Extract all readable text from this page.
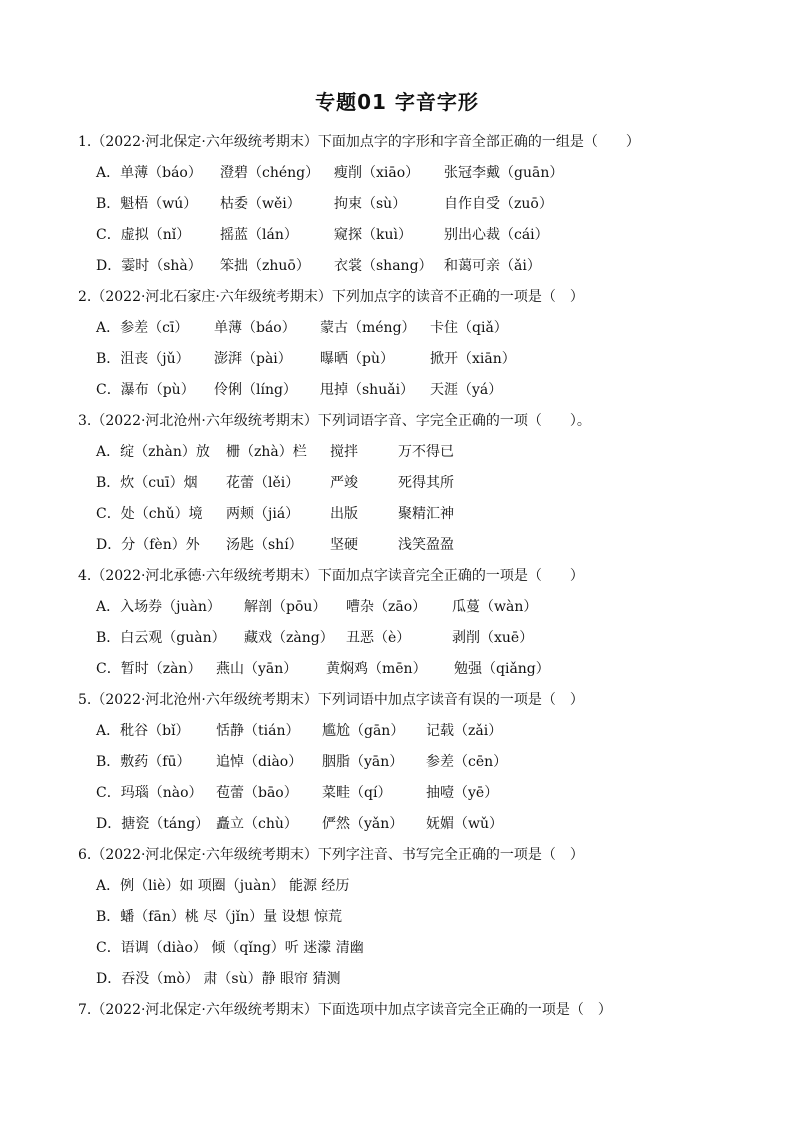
专题01 字音字形
1.（2022·河北保定·六年级统考期末）下面加点字的字形和字音全部正确的一组是（　　）
A．单薄（báo） 澄碧（chéng） 瘦削（xiāo） 张冠李戴（guān）
B．魁梧（wú） 枯委（wěi） 拘束（sù）	自作自受（zuō）
C．虚拟（nǐ） 摇蓝（lán）	窥探（kuì） 别出心裁（cái）
D．霎时（shà） 笨拙（zhuō） 衣裳（shang） 和蔼可亲（ǎi）
2.（2022·河北石家庄·六年级统考期末）下列加点字的读音不正确的一项是（　）
A．参差（cī） 单薄（báo） 蒙古（méng） 卡住（qiǎ）
B．沮丧（jǔ） 澎湃（pài） 曝晒（pù）	掀开（xiān）
C．瀑布（pù） 伶俐（líng） 甩掉（shuǎi） 天涯（yá）
3.（2022·河北沧州·六年级统考期末）下列词语字音、字完全正确的一项（　　）。
A．绽（zhàn）放 栅（zhà）栏 搅拌	万不得已
B．炊（cuī）烟 花蕾（lěi） 严竣	死得其所
C．处（chǔ）境 两颊（jiá） 出版	聚精汇神
D．分（fèn）外 汤匙（shí） 坚硬	浅笑盈盈
4.（2022·河北承德·六年级统考期末）下面加点字读音完全正确的一项是（　　）
A．入场券（juàn） 解剖（pōu） 嘈杂（zāo） 瓜蔓（wàn）
B．白云观（guàn） 藏戏（zàng） 丑恶（è）	剥削（xuē）
C．暂时（zàn） 燕山（yān） 黄焖鸡（mēn） 勉强（qiǎng）
5.（2022·河北沧州·六年级统考期末）下列词语中加点字读音有误的一项是（　）
A．秕谷（bǐ） 恬静（tián） 尴尬（gān） 记载（zǎi）
B．敷药（fū） 追悼（diào） 胭脂（yān） 参差（cēn）
C．玛瑙（nào） 苞蕾（bāo） 菜畦（qí） 抽噎（yē）
D．搪瓷（táng） 矗立（chù） 俨然（yǎn） 妩媚（wǔ）
6.（2022·河北保定·六年级统考期末）下列字注音、书写完全正确的一项是（　）
A．例（liè）如 项圈（juàn） 能源 经历
B．蟠（fān）桃 尽（jǐn）量 设想 惊荒
C．语调（diào） 倾（qǐng）听 迷濛 清幽
D．吞没（mò） 肃（sù）静 眼帘 猜测
7.（2022·河北保定·六年级统考期末）下面选项中加点字读音完全正确的一项是（　）
